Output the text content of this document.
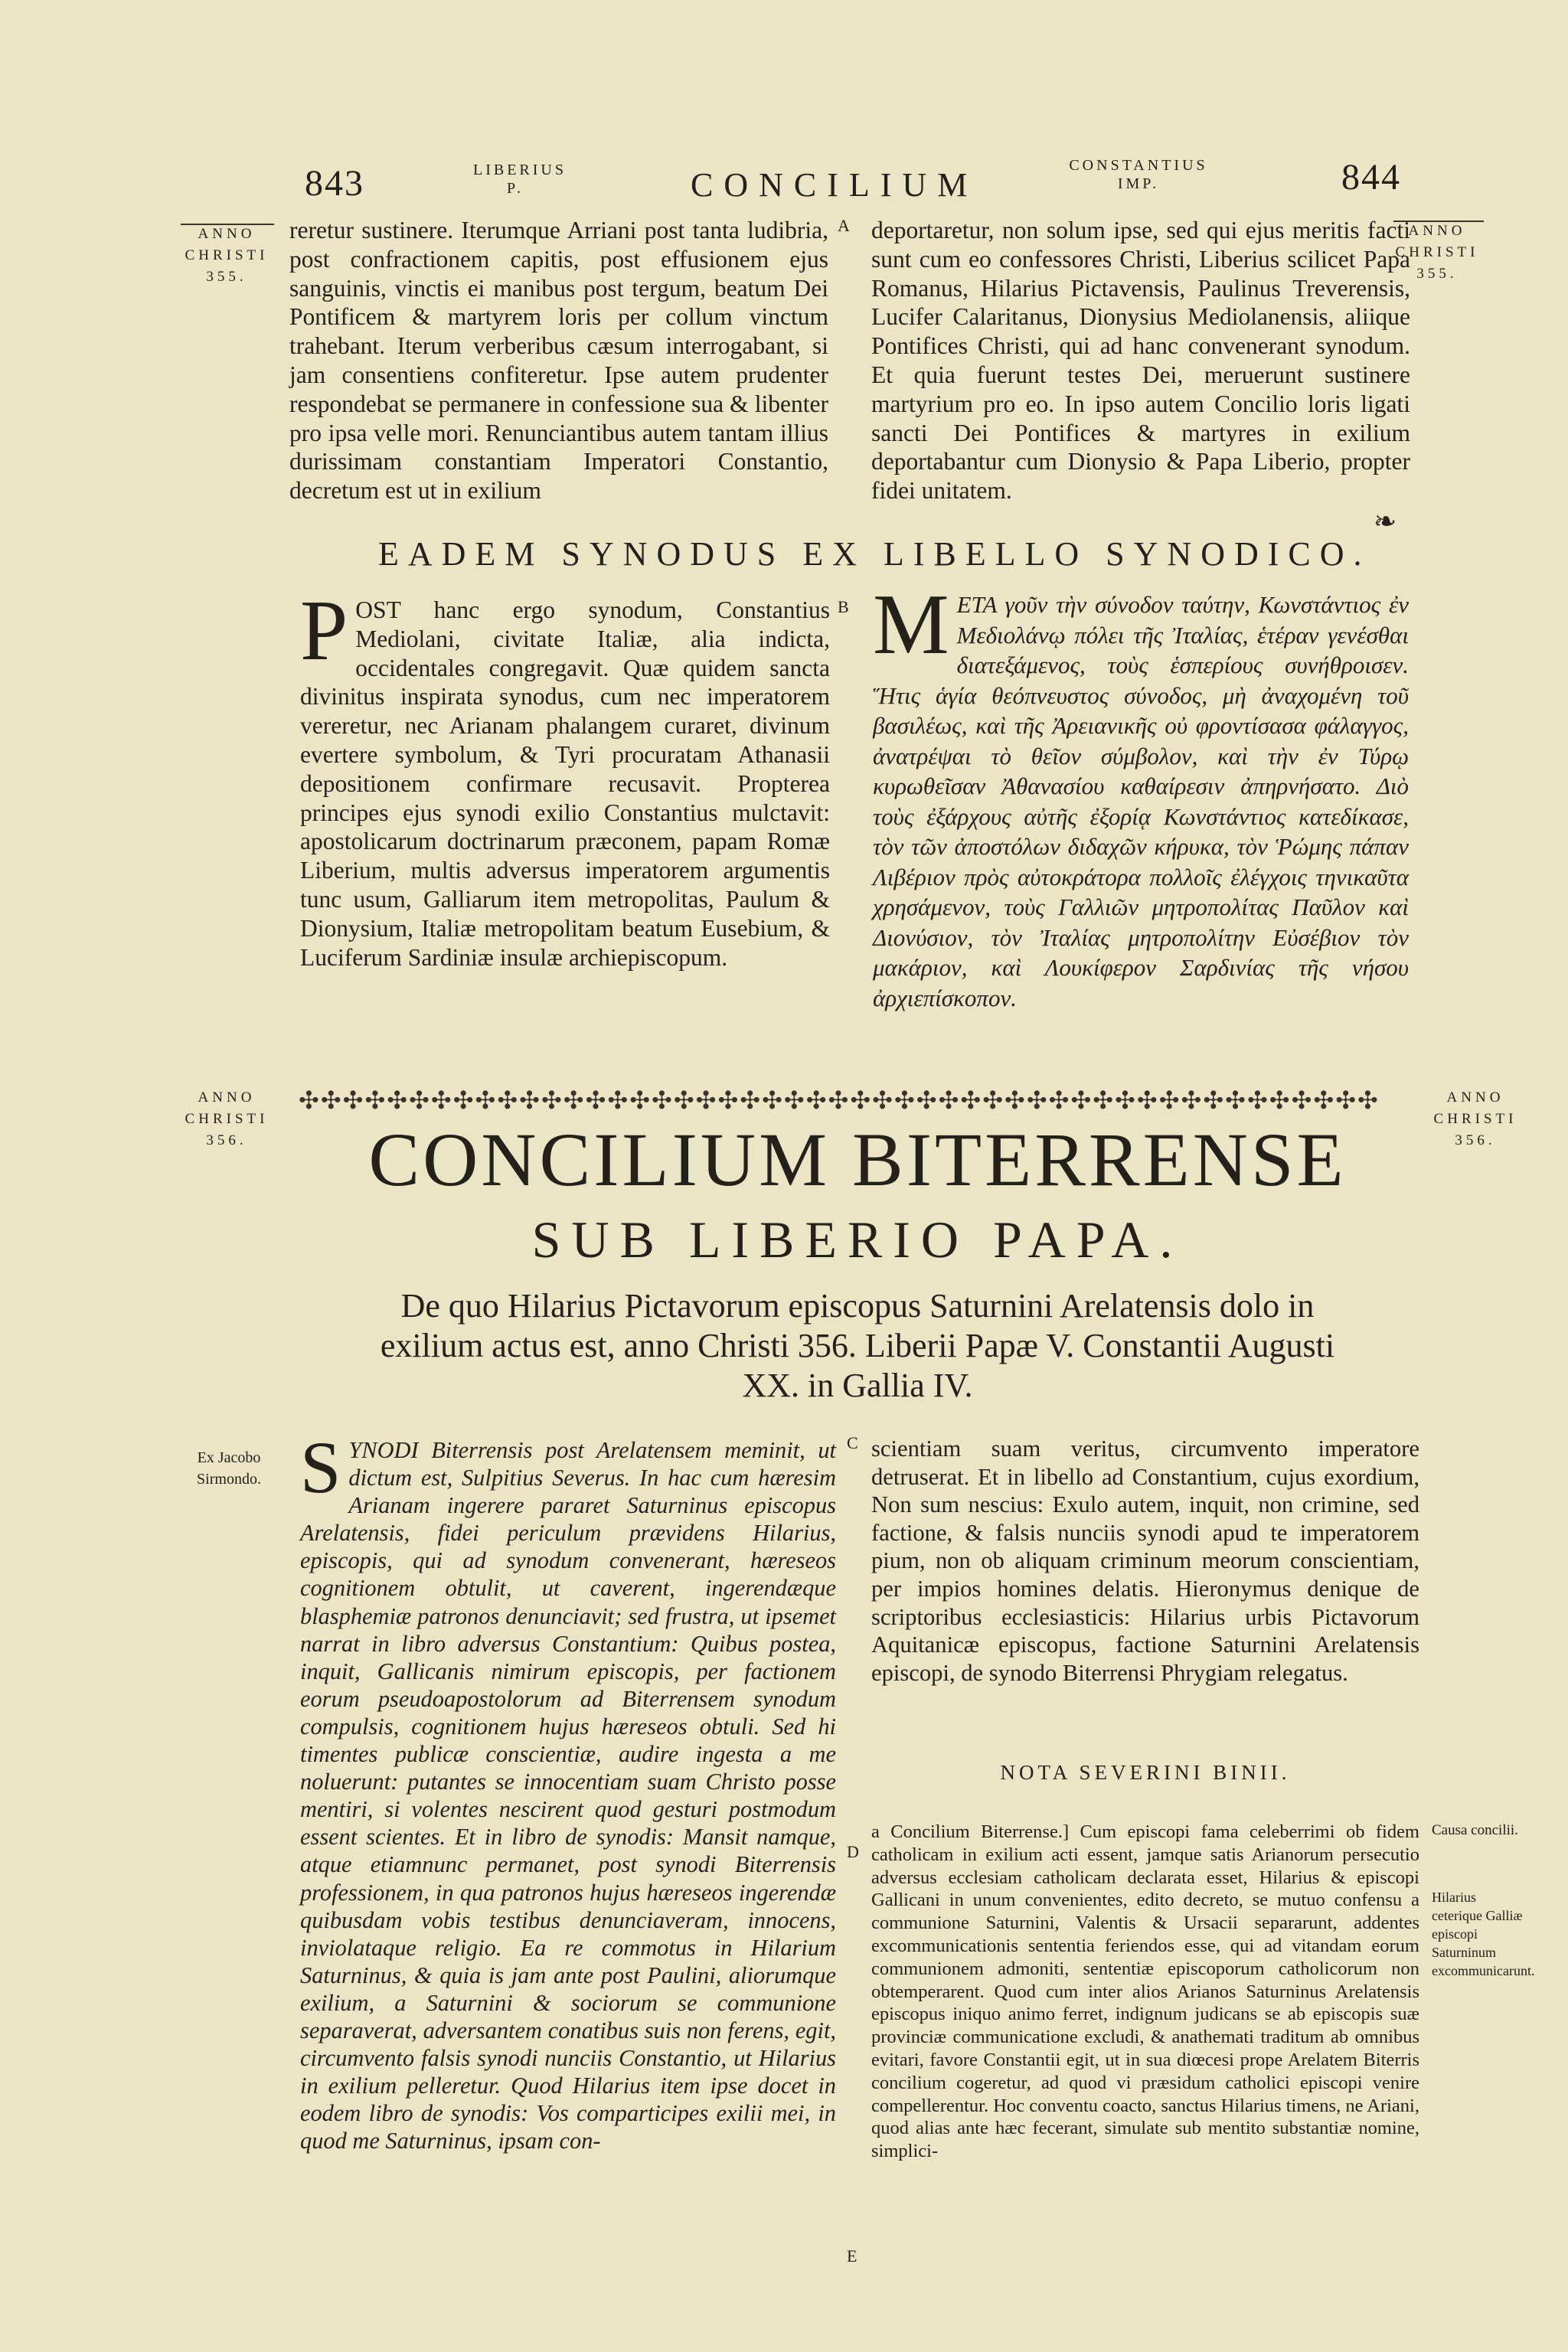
843	LIBERIUS P.	CONCILIUM
CONSTANTIUS IMP.	844
ANNO CHRISTI 355.
ANNO CHRISTI 355.
A
B
C
D
E

reretur sustinere. Iterumque Arriani post tanta ludibria, post confractionem capitis, post effusionem ejus sanguinis, vinctis ei manibus post tergum, beatum Dei Pontificem & martyrem loris per collum vinctum trahebant. Iterum verberibus cæsum interrogabant, si jam consentiens confiteretur. Ipse autem prudenter respondebat se permanere in confessione sua & libenter pro ipsa velle mori. Renunciantibus autem tantam illius durissimam constantiam Imperatori Constantio, decretum est ut in exilium

deportaretur, non solum ipse, sed qui ejus meritis facti sunt cum eo confessores Christi, Liberius scilicet Papa Romanus, Hilarius Pictavensis, Paulinus Treverensis, Lucifer Calaritanus, Dionysius Mediolanensis, aliique Pontifices Christi, qui ad hanc convenerant synodum. Et quia fuerunt testes Dei, meruerunt sustinere martyrium pro eo. In ipso autem Concilio loris ligati sancti Dei Pontifices & martyres in exilium deportabantur cum Dionysio & Papa Liberio, propter fidei unitatem.

EADEM SYNODUS EX LIBELLO SYNODICO.
❧
P OST hanc ergo synodum, Constantius Mediolani, civitate Italiæ, alia indicta, occidentales congregavit. Quæ quidem sancta divinitus inspirata synodus, cum nec imperatorem vereretur, nec Arianam phalangem curaret, divinum evertere symbolum, & Tyri procuratam Athanasii depositionem confirmare recusavit. Propterea principes ejus synodi exilio Constantius mulctavit: apostolicarum doctrinarum præconem, papam Romæ Liberium, multis adversus imperatorem argumentis tunc usum, Galliarum item metropolitas, Paulum & Dionysium, Italiæ metropolitam beatum Eusebium, & Luciferum Sardiniæ insulæ archiepiscopum.

M ETA γοῦν τὴν σύνοδον ταύτην, Κωνστάντιος ἐν Μεδιολάνῳ πόλει τῆς Ἰταλίας, ἑτέραν γενέσθαι διατεξάμενος, τοὺς ἑσπερίους συνήθροισεν. Ἥτις ἁγία θεόπνευστος σύνοδος, μὴ ἀναχομένη τοῦ βασιλέως, καὶ τῆς Ἀρειανικῆς οὐ φροντίσασα φάλαγγος, ἀνατρέψαι τὸ θεῖον σύμβολον, καὶ τὴν ἐν Τύρῳ κυρωθεῖσαν Ἀθανασίου καθαίρεσιν ἀπηρνήσατο. Διὸ τοὺς ἐξάρχους αὐτῆς ἐξορίᾳ Κωνστάντιος κατεδίκασε, τὸν τῶν ἀποστόλων διδαχῶν κήρυκα, τὸν Ῥώμης πάπαν Λιβέριον πρὸς αὐτοκράτορα πολλοῖς ἐλέγχοις τηνικαῦτα χρησάμενον, τοὺς Γαλλιῶν μητροπολίτας Παῦλον καὶ Διονύσιον, τὸν Ἰταλίας μητροπολίτην Εὐσέβιον τὸν μακάριον, καὶ Λουκίφερον Σαρδινίας τῆς νήσου ἀρχιεπίσκοπον.

ANNO CHRISTI 356.
ANNO CHRISTI 356.
✣✣✣✣✣✣✣✣✣✣✣✣✣✣✣✣✣✣✣✣✣✣✣✣✣✣✣✣✣✣✣✣✣✣✣✣✣✣✣✣✣✣✣✣✣✣✣✣✣
CONCILIUM BITERRENSE
SUB LIBERIO PAPA.
De quo Hilarius Pictavorum episcopus Saturnini Arelatensis dolo in exilium actus est, anno Christi 356. Liberii Papæ V. Constantii Augusti XX. in Gallia IV.
Ex Jacobo Sirmondo. S YNODI Biterrensis post Arelatensem meminit, ut dictum est, Sulpitius Severus. In hac cum hæresim Arianam ingerere pararet Saturninus episcopus Arelatensis, fidei periculum prævidens Hilarius, episcopis, qui ad synodum convenerant, hæreseos cognitionem obtulit, ut caverent, ingerendæque blasphemiæ patronos denunciavit; sed frustra, ut ipsemet narrat in libro adversus Constantium: Quibus postea, inquit, Gallicanis nimirum episcopis, per factionem eorum pseudoapostolorum ad Biterrensem synodum compulsis, cognitionem hujus hæreseos obtuli. Sed hi timentes publicæ conscientiæ, audire ingesta a me noluerunt: putantes se innocentiam suam Christo posse mentiri, si volentes nescirent quod gesturi postmodum essent scientes. Et in libro de synodis: Mansit namque, atque etiamnunc permanet, post synodi Biterrensis professionem, in qua patronos hujus hæreseos ingerendæ quibusdam vobis testibus denunciaveram, innocens, inviolataque religio. Ea re commotus in Hilarium Saturninus, & quia is jam ante post Paulini, aliorumque exilium, a Saturnini & sociorum se communione separaverat, adversantem conatibus suis non ferens, egit, circumvento falsis synodi nunciis Constantio, ut Hilarius in exilium pelleretur. Quod Hilarius item ipse docet in eodem libro de synodis: Vos comparticipes exilii mei, in quod me Saturninus, ipsam con-

scientiam suam veritus, circumvento imperatore detruserat. Et in libello ad Constantium, cujus exordium, Non sum nescius: Exulo autem, inquit, non crimine, sed factione, & falsis nunciis synodi apud te imperatorem pium, non ob aliquam criminum meorum conscientiam, per impios homines delatis. Hieronymus denique de scriptoribus ecclesiasticis: Hilarius urbis Pictavorum Aquitanicæ episcopus, factione Saturnini Arelatensis episcopi, de synodo Biterrensi Phrygiam relegatus.

NOTA SEVERINI BINII.

a Concilium Biterrense.] Cum episcopi fama celeberrimi ob fidem catholicam in exilium acti essent, jamque satis Arianorum persecutio adversus ecclesiam catholicam declarata esset, Hilarius & episcopi Gallicani in unum convenientes, edito decreto, se mutuo confensu a communione Saturnini, Valentis & Ursacii separarunt, addentes excommunicationis sententia feriendos esse, qui ad vitandam eorum communionem admoniti, sententiæ episcoporum catholicorum non obtemperarent. Quod cum inter alios Arianos Saturninus Arelatensis episcopus iniquo animo ferret, indignum judicans se ab episcopis suæ provinciæ communicatione excludi, & anathemati traditum ab omnibus evitari, favore Constantii egit, ut in sua diœcesi prope Arelatem Biterris concilium cogeretur, ad quod vi præsidum catholici episcopi venire compellerentur. Hoc conventu coacto, sanctus Hilarius timens, ne Ariani, quod alias ante hæc fecerant, simulate sub mentito substantiæ nomine, simplici-

Causa concilii.
Hilarius ceterique Galliæ episcopi Saturninum excommunicarunt.
